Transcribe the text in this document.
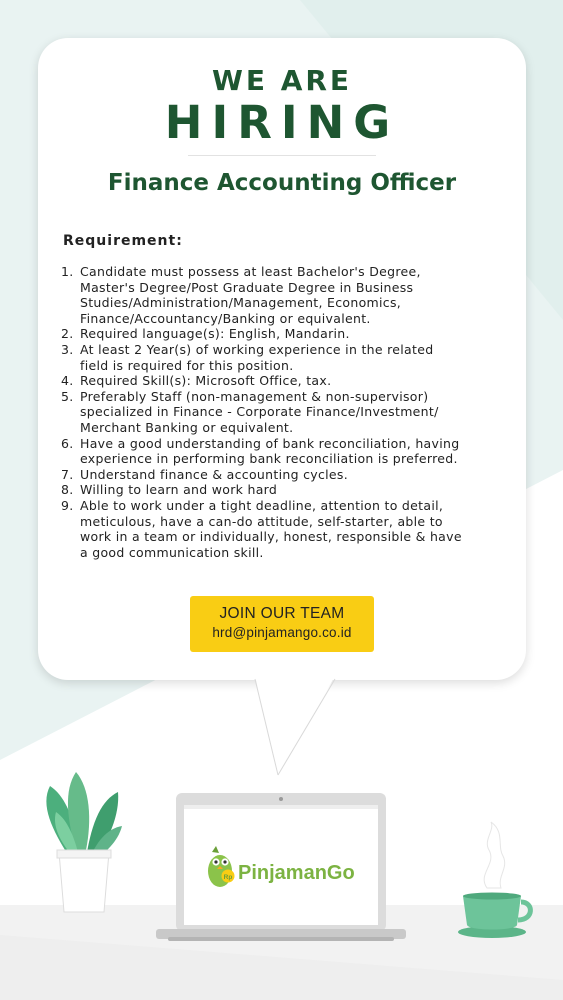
WE ARE
HIRING
Finance Accounting Officer
Requirement:
1. Candidate must possess at least Bachelor's Degree,
Master's Degree/Post Graduate Degree in Business
Studies/Administration/Management, Economics,
Finance/Accountancy/Banking or equivalent.
2. Required language(s): English, Mandarin.
3. At least 2 Year(s) of working experience in the related
field is required for this position.
4. Required Skill(s): Microsoft Office, tax.
5. Preferably Staff (non-management & non-supervisor)
specialized in Finance - Corporate Finance/Investment/
Merchant Banking or equivalent.
6. Have a good understanding of bank reconciliation, having
experience in performing bank reconciliation is preferred.
7. Understand finance & accounting cycles.
8. Willing to learn and work hard
9. Able to work under a tight deadline, attention to detail,
meticulous, have a can-do attitude, self-starter, able to
work in a team or individually, honest, responsible & have
a good communication skill.
JOIN OUR TEAM
hrd@pinjamango.co.id
Rp PinjamanGo
